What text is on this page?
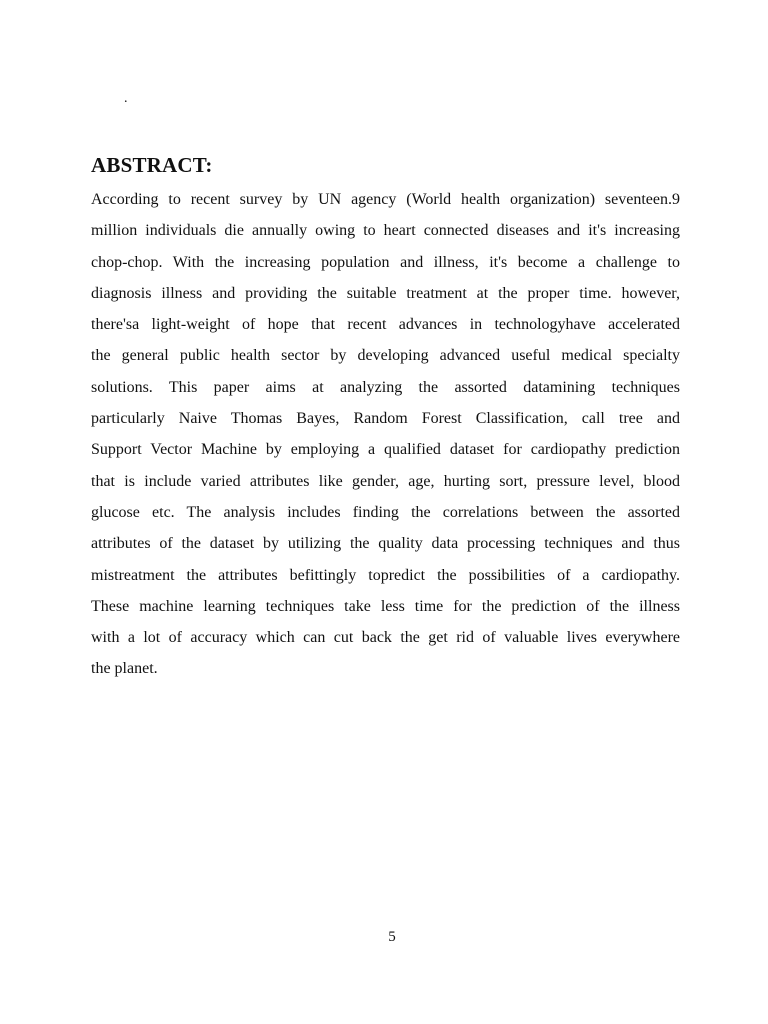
.
ABSTRACT:
According to recent survey by UN agency (World health organization) seventeen.9
million individuals die annually owing to heart connected diseases and it's increasing
chop-chop. With the increasing population and illness, it's become a challenge to
diagnosis illness and providing the suitable treatment at the proper time. however,
there'sa light-weight of hope that recent advances in technologyhave accelerated
the general public health sector by developing advanced useful medical specialty
solutions. This paper aims at analyzing the assorted datamining techniques
particularly Naive Thomas Bayes, Random Forest Classification, call tree and
Support Vector Machine by employing a qualified dataset for cardiopathy prediction
that is include varied attributes like gender, age, hurting sort, pressure level, blood
glucose etc. The analysis includes finding the correlations between the assorted
attributes of the dataset by utilizing the quality data processing techniques and thus
mistreatment the attributes befittingly topredict the possibilities of a cardiopathy.
These machine learning techniques take less time for the prediction of the illness
with a lot of accuracy which can cut back the get rid of valuable lives everywhere
the planet.
5
